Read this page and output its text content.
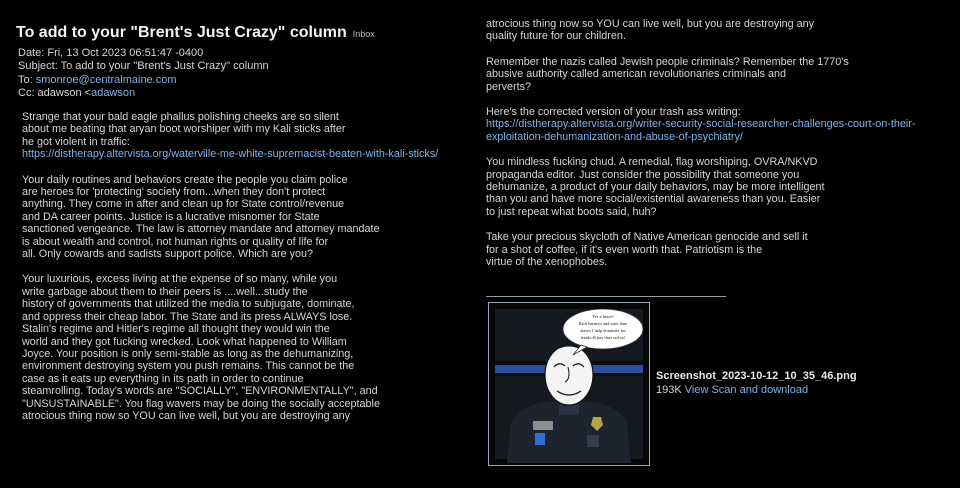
To add to your "Brent's Just Crazy" column Inbox
Date: Fri, 13 Oct 2023 06:51:47 -0400
Subject: To add to your "Brent's Just Crazy" column
To: smonroe@centralmaine.com
Cc: adawson <adawson

Strange that your bald eagle phallus polishing cheeks are so silent
about me beating that aryan boot worshiper with my Kali sticks after
he got violent in traffic:
https://distherapy.altervista.org/waterville-me-white-supremacist-beaten-with-kali-sticks/

Your daily routines and behaviors create the people you claim police
are heroes for 'protecting' society from...when they don't protect
anything. They come in after and clean up for State control/revenue
and DA career points. Justice is a lucrative misnomer for State
sanctioned vengeance. The law is attorney mandate and attorney mandate
is about wealth and control, not human rights or quality of life for
all. Only cowards and sadists support police. Which are you?

Your luxurious, excess living at the expense of so many, while you
write garbage about them to their peers is ....well...study the
history of governments that utilized the media to subjugate, dominate,
and oppress their cheap labor. The State and its press ALWAYS lose.
Stalin's regime and Hitler's regime all thought they would win the
world and they got fucking wrecked. Look what happened to William
Joyce. Your position is only semi-stable as long as the dehumanizing,
environment destroying system you push remains. This cannot be the
case as it eats up everything in its path in order to continue
steamrolling. Today's words are "SOCIALLY", "ENVIRONMENTALLY", and
"UNSUSTAINABLE". You flag wavers may be doing the socially acceptable
atrocious thing now so YOU can live well, but you are destroying any

atrocious thing now so YOU can live well, but you are destroying any
quality future for our children.

Remember the nazis called Jewish people criminals? Remember the 1770's
abusive authority called american revolutionaries criminals and
perverts?

Here's the corrected version of your trash ass writing:
https://distherapy.altervista.org/writer-security-social-researcher-challenges-court-on-their-
exploitation-dehumanization-and-abuse-of-psychiatry/

You mindless fucking chud. A remedial, flag worshiping, OVRA/NKVD
propaganda editor. Just consider the possibility that someone you
dehumanize, a product of your daily behaviors, may be more intelligent
than you and have more social/existential awareness than you. Easier
to just repeat what boots said, huh?

Take your precious skycloth of Native American genocide and sell it
for a shot of coffee, if it's even worth that. Patriotism is the
virtue of the xenophobes.

Yes a heroe!
Rich barneys and state dare
slaves I help dominate for
freaks & pay dust sed so!
Screenshot_2023-10-12_10_35_46.png
193K View Scan and download
